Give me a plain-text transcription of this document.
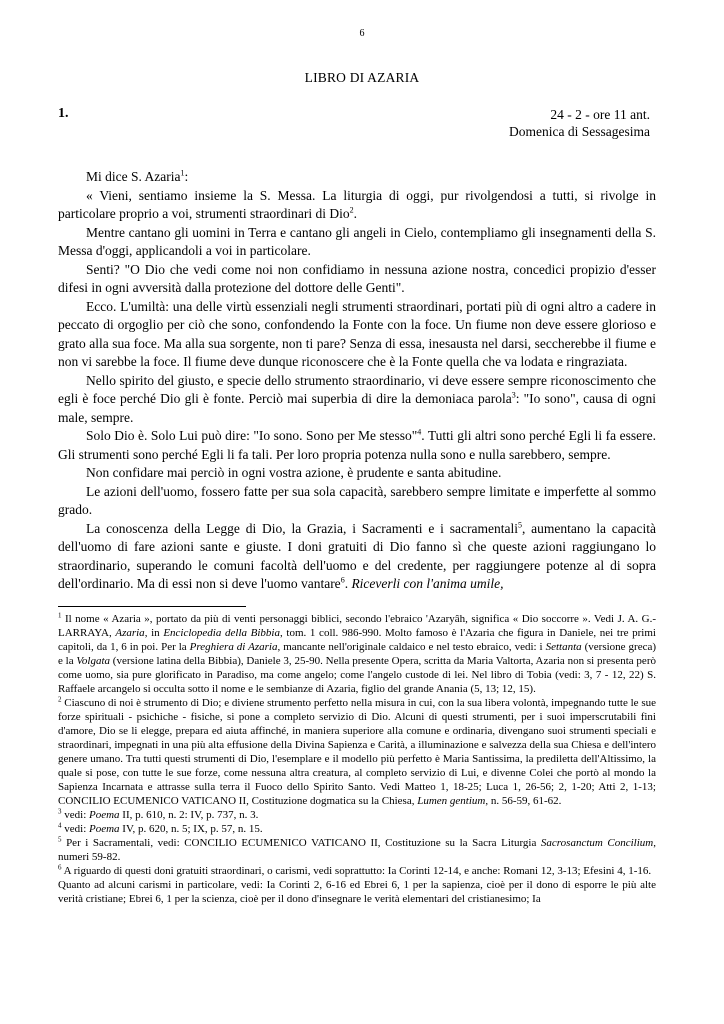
6
LIBRO DI AZARIA
1.	24 - 2 - ore 11 ant.
Domenica di Sessagesima

Mi dice S. Azaria$^1$:

« Vieni, sentiamo insieme la S. Messa. La liturgia di oggi, pur rivolgendosi a tutti, si rivolge in particolare proprio a voi, strumenti straordinari di Dio$^2$.

Mentre cantano gli uomini in Terra e cantano gli angeli in Cielo, contempliamo gli insegnamenti della S. Messa d'oggi, applicandoli a voi in particolare.

Senti? "O Dio che vedi come noi non confidiamo in nessuna azione nostra, concedici propizio d'esser difesi in ogni avversità dalla protezione del dottore delle Genti".

Ecco. L'umiltà: una delle virtù essenziali negli strumenti straordinari, portati più di ogni altro a cadere in peccato di orgoglio per ciò che sono, confondendo la Fonte con la foce. Un fiume non deve essere glorioso e grato alla sua foce. Ma alla sua sorgente, non ti pare? Senza di essa, inesausta nel darsi, seccherebbe il fiume e non vi sarebbe la foce. Il fiume deve dunque riconoscere che è la Fonte quella che va lodata e ringraziata.

Nello spirito del giusto, e specie dello strumento straordinario, vi deve essere sempre riconoscimento che egli è foce perché Dio gli è fonte. Perciò mai superbia di dire la demoniaca parola$^3$: "Io sono", causa di ogni male, sempre.

Solo Dio è. Solo Lui può dire: "Io sono. Sono per Me stesso"$^4$. Tutti gli altri sono perché Egli li fa essere. Gli strumenti sono perché Egli li fa tali. Per loro propria potenza nulla sono e nulla sarebbero, sempre.

Non confidare mai perciò in ogni vostra azione, è prudente e santa abitudine.

Le azioni dell'uomo, fossero fatte per sua sola capacità, sarebbero sempre limitate e imperfette al sommo grado.

La conoscenza della Legge di Dio, la Grazia, i Sacramenti e i sacramentali$^5$, aumentano la capacità dell'uomo di fare azioni sante e giuste. I doni gratuiti di Dio fanno sì che queste azioni raggiungano lo straordinario, superando le comuni facoltà dell'uomo e del credente, per raggiungere potenze al di sopra dell'ordinario. Ma di essi non si deve l'uomo vantare$^6$. Riceverli con l'anima umile,

$^1$ Il nome « Azaria », portato da più di venti personaggi biblici, secondo l'ebraico 'Azaryâh, significa « Dio soccorre ». Vedi J. A. G.-LARRAYA, Azaria, in Enciclopedia della Bibbia, tom. 1 coll. 986-990. Molto famoso è l'Azaria che figura in Daniele, nei tre primi capitoli, da 1, 6 in poi. Per la Preghiera di Azaria, mancante nell'originale caldaico e nel testo ebraico, vedi: i Settanta (versione greca) e la Volgata (versione latina della Bibbia), Daniele 3, 25-90. Nella presente Opera, scritta da Maria Valtorta, Azaria non si presenta però come uomo, sia pure glorificato in Paradiso, ma come angelo; come l'angelo custode di lei. Nel libro di Tobia (vedi: 3, 7 - 12, 22) S. Raffaele arcangelo si occulta sotto il nome e le sembianze di Azaria, figlio del grande Anania (5, 13; 12, 15).

$^2$ Ciascuno di noi è strumento di Dio; e diviene strumento perfetto nella misura in cui, con la sua libera volontà, impegnando tutte le sue forze spirituali - psichiche - fisiche, si pone a completo servizio di Dio. Alcuni di questi strumenti, per i suoi imperscrutabili fini d'amore, Dio se li elegge, prepara ed aiuta affinché, in maniera superiore alla comune e ordinaria, divengano suoi strumenti speciali e straordinari, impegnati in una più alta effusione della Divina Sapienza e Carità, a illuminazione e salvezza della sua Chiesa e dell'intero genere umano. Tra tutti questi strumenti di Dio, l'esemplare e il modello più perfetto è Maria Santissima, la prediletta dell'Altissimo, la quale si pose, con tutte le sue forze, come nessuna altra creatura, al completo servizio di Lui, e divenne Colei che portò al mondo la Sapienza Incarnata e attrasse sulla terra il Fuoco dello Spirito Santo. Vedi Matteo 1, 18-25; Luca 1, 26-56; 2, 1-20; Atti 2, 1-13; CONCILIO ECUMENICO VATICANO II, Costituzione dogmatica su la Chiesa, Lumen gentium, n. 56-59, 61-62.

$^3$ vedi: Poema II, p. 610, n. 2: IV, p. 737, n. 3.

$^4$ vedi: Poema IV, p. 620, n. 5; IX, p. 57, n. 15.

$^5$ Per i Sacramentali, vedi: CONCILIO ECUMENICO VATICANO II, Costituzione su la Sacra Liturgia Sacrosanctum Concilium, numeri 59-82.

$^6$ A riguardo di questi doni gratuiti straordinari, o carismi, vedi soprattutto: Ia Corinti 12-14, e anche: Romani 12, 3-13; Efesini 4, 1-16.

Quanto ad alcuni carismi in particolare, vedi: Ia Corinti 2, 6-16 ed Ebrei 6, 1 per la sapienza, cioè per il dono di esporre le più alte verità cristiane; Ebrei 6, 1 per la scienza, cioè per il dono d'insegnare le verità elementari del cristianesimo; Ia
